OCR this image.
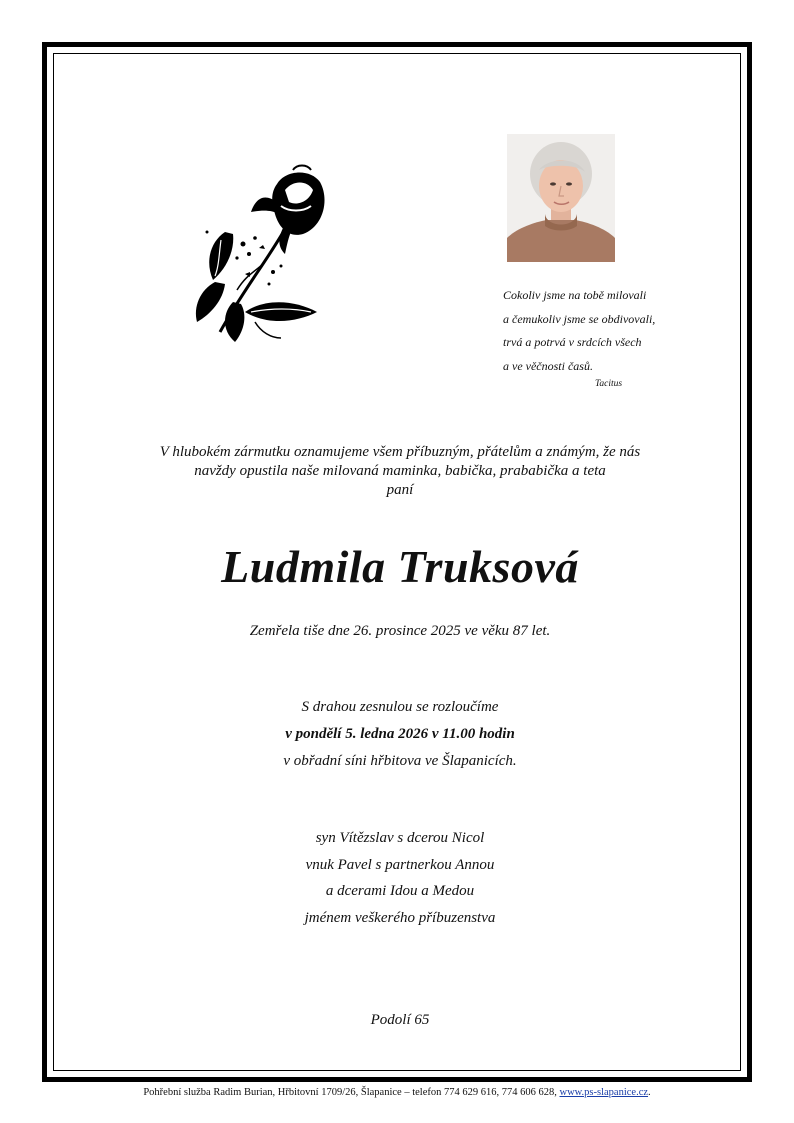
Cokoliv jsme na tobě milovali
a čemukoliv jsme se obdivovali,
trvá a potrvá v srdcích všech
a ve věčnosti časů.
Tacitus
V hlubokém zármutku oznamujeme všem příbuzným, přátelům a známým, že nás
navždy opustila naše milovaná maminka, babička, prababička a teta
paní
Ludmila Truksová
Zemřela tiše dne 26. prosince 2025 ve věku 87 let.
S drahou zesnulou se rozloučíme
v pondělí 5. ledna 2026 v 11.00 hodin
v obřadní síni hřbitova ve Šlapanicích.
syn Vítězslav s dcerou Nicol
vnuk Pavel s partnerkou Annou
a dcerami Idou a Medou
jménem veškerého příbuzenstva
Podolí 65
Pohřební služba Radim Burian, Hřbitovní 1709/26, Šlapanice – telefon 774 629 616, 774 606 628, www.ps-slapanice.cz.
